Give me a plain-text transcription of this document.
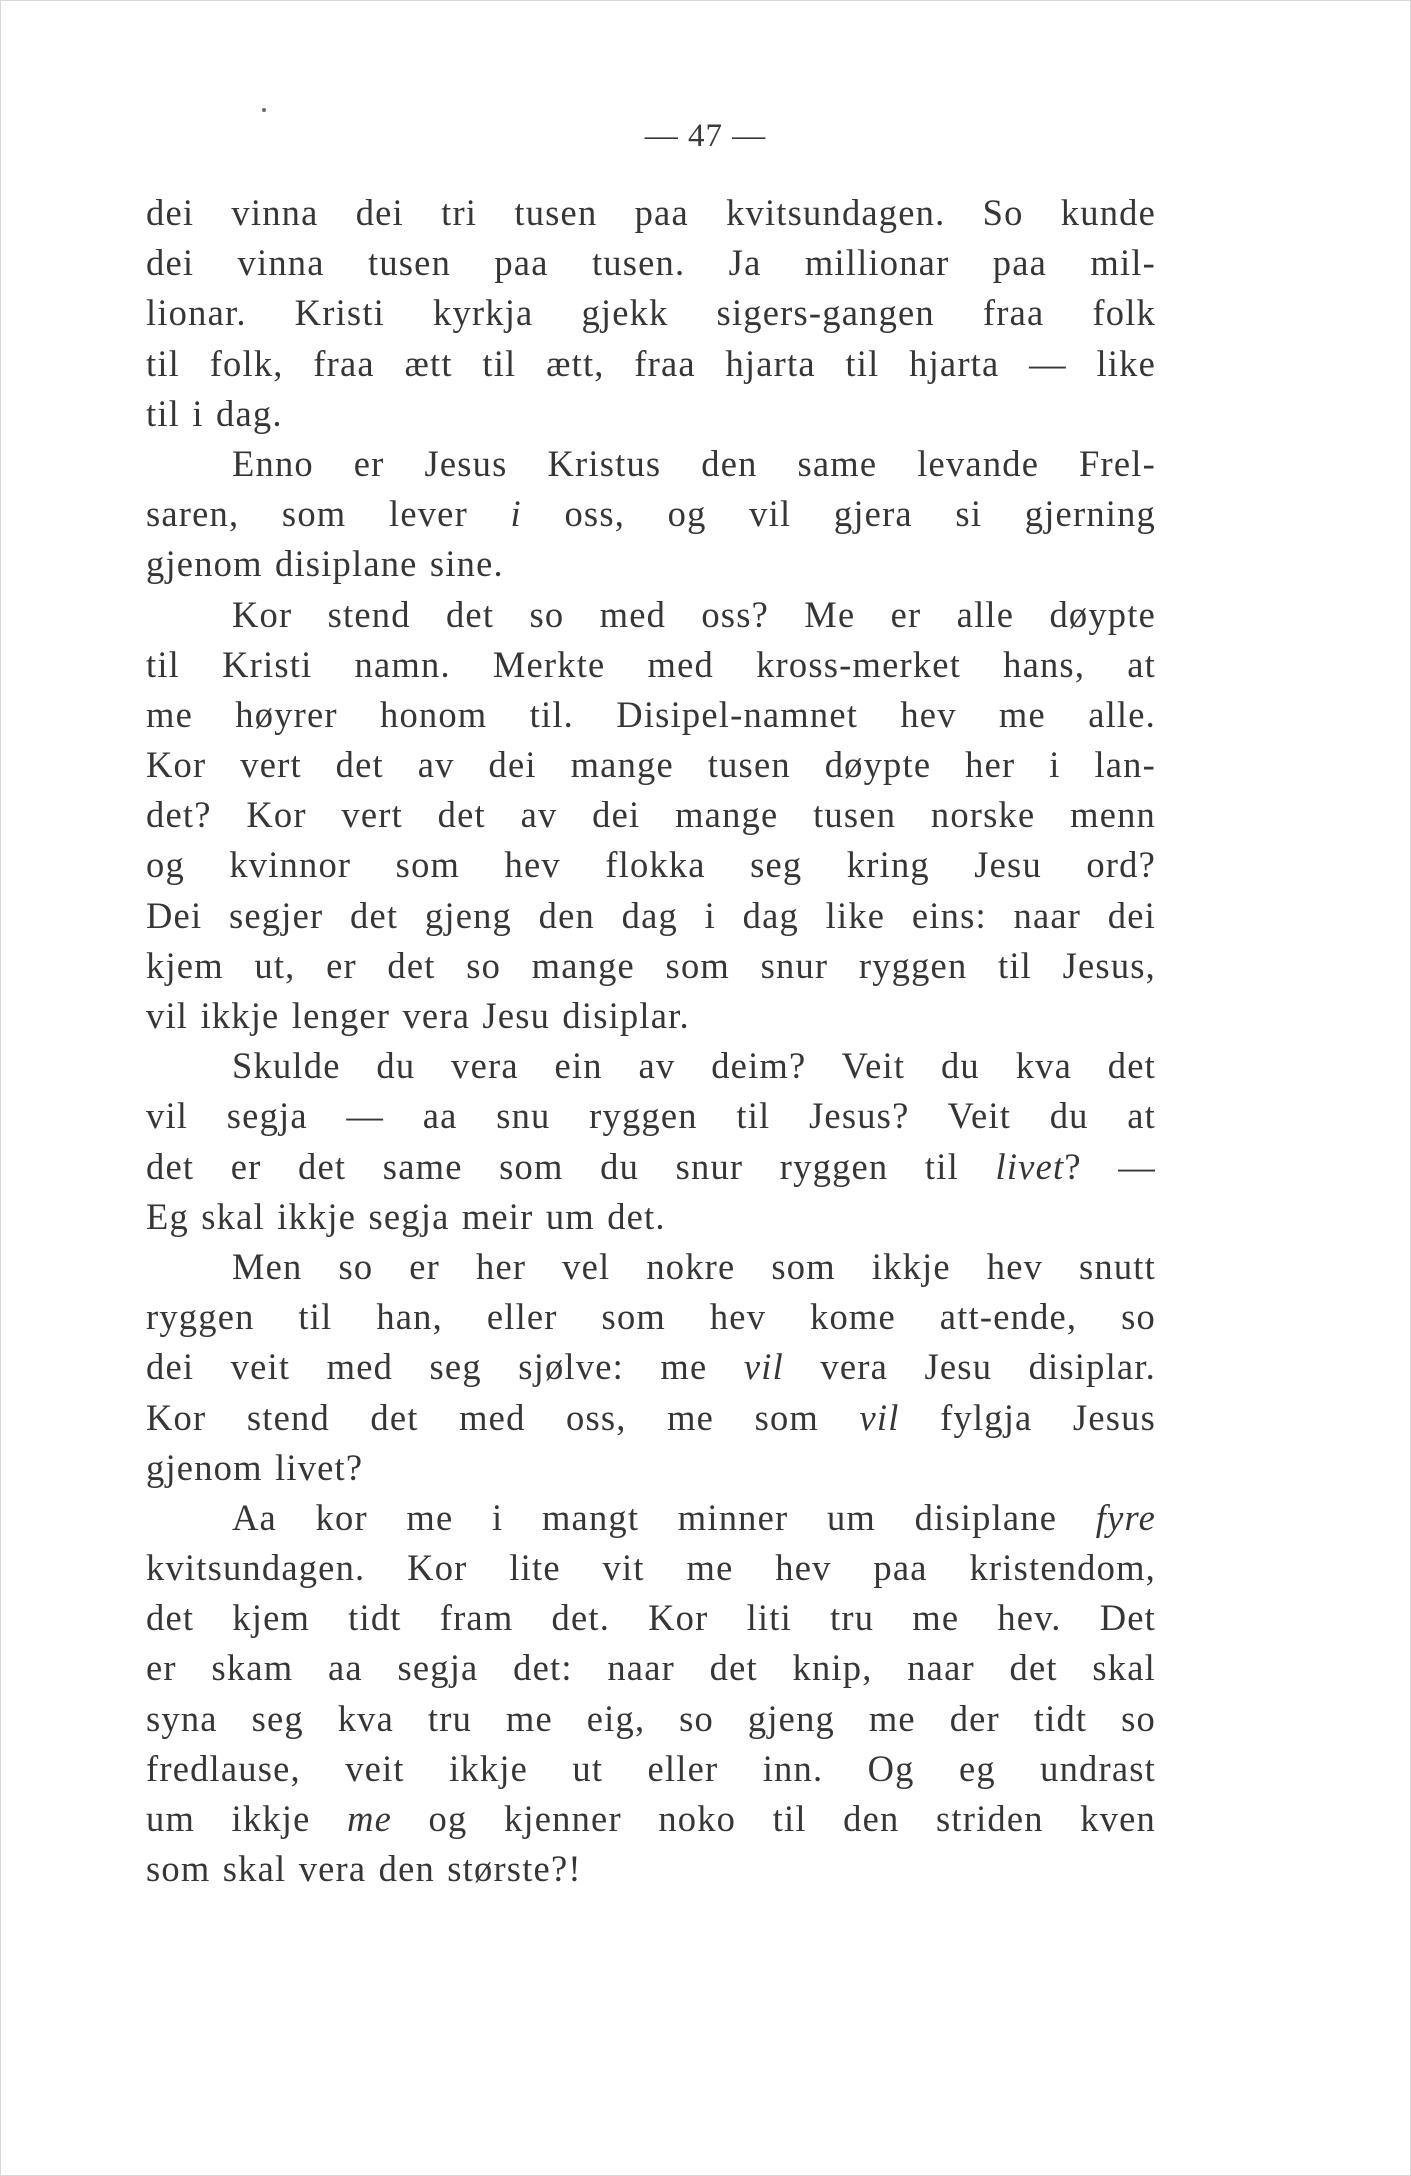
— 47 —
dei vinna dei tri tusen paa kvitsundagen. So kunde
dei vinna tusen paa tusen. Ja millionar paa mil-
lionar. Kristi kyrkja gjekk sigers-gangen fraa folk
til folk, fraa ætt til ætt, fraa hjarta til hjarta — like
til i dag.
Enno er Jesus Kristus den same levande Frel-
saren, som lever i oss, og vil gjera si gjerning
gjenom disiplane sine.
Kor stend det so med oss? Me er alle døypte
til Kristi namn. Merkte med kross-merket hans, at
me høyrer honom til. Disipel-namnet hev me alle.
Kor vert det av dei mange tusen døypte her i lan-
det? Kor vert det av dei mange tusen norske menn
og kvinnor som hev flokka seg kring Jesu ord?
Dei segjer det gjeng den dag i dag like eins: naar dei
kjem ut, er det so mange som snur ryggen til Jesus,
vil ikkje lenger vera Jesu disiplar.
Skulde du vera ein av deim? Veit du kva det
vil segja — aa snu ryggen til Jesus? Veit du at
det er det same som du snur ryggen til livet? —
Eg skal ikkje segja meir um det.
Men so er her vel nokre som ikkje hev snutt
ryggen til han, eller som hev kome att-ende, so
dei veit med seg sjølve: me vil vera Jesu disiplar.
Kor stend det med oss, me som vil fylgja Jesus
gjenom livet?
Aa kor me i mangt minner um disiplane fyre
kvitsundagen. Kor lite vit me hev paa kristendom,
det kjem tidt fram det. Kor liti tru me hev. Det
er skam aa segja det: naar det knip, naar det skal
syna seg kva tru me eig, so gjeng me der tidt so
fredlause, veit ikkje ut eller inn. Og eg undrast
um ikkje me og kjenner noko til den striden kven
som skal vera den største?!
